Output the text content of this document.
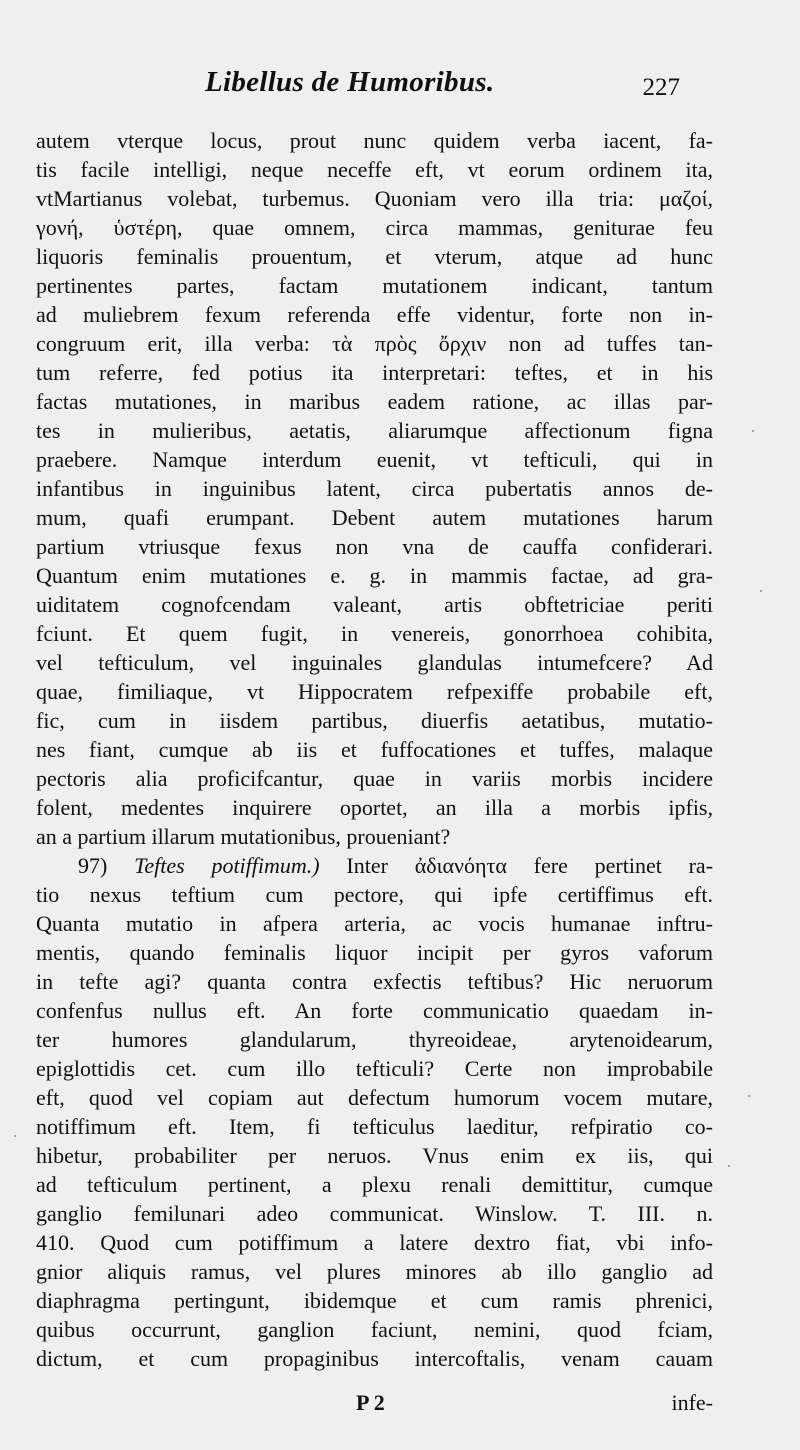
Libellus de Humoribus.	227
autem vterque locus, prout nunc quidem verba iacent, fa-
tis facile intelligi, neque neceffe eft, vt eorum ordinem ita,
vtMartianus volebat, turbemus. Quoniam vero illa tria: μαζοί,
γονή, ὑστέρη, quae omnem, circa mammas, geniturae feu
liquoris feminalis prouentum, et vterum, atque ad hunc
pertinentes partes, factam mutationem indicant, tantum
ad muliebrem fexum referenda effe videntur, forte non in-
congruum erit, illa verba: τὰ πρὸς ὄρχιν non ad tuffes tan-
tum referre, fed potius ita interpretari: teftes, et in his
factas mutationes, in maribus eadem ratione, ac illas par-
tes in mulieribus, aetatis, aliarumque affectionum figna
praebere. Namque interdum euenit, vt tefticuli, qui in
infantibus in inguinibus latent, circa pubertatis annos de-
mum, quafi erumpant. Debent autem mutationes harum
partium vtriusque fexus non vna de cauffa confiderari.
Quantum enim mutationes e. g. in mammis factae, ad gra-
uiditatem cognofcendam valeant, artis obftetriciae periti
fciunt. Et quem fugit, in venereis, gonorrhoea cohibita,
vel tefticulum, vel inguinales glandulas intumefcere? Ad
quae, fimiliaque, vt Hippocratem refpexiffe probabile eft,
fic, cum in iisdem partibus, diuerfis aetatibus, mutatio-
nes fiant, cumque ab iis et fuffocationes et tuffes, malaque
pectoris alia proficifcantur, quae in variis morbis incidere
folent, medentes inquirere oportet, an illa a morbis ipfis,
an a partium illarum mutationibus, proueniant?
97) Teftes potiffimum.) Inter ἀδιανόητα fere pertinet ra-
tio nexus teftium cum pectore, qui ipfe certiffimus eft.
Quanta mutatio in afpera arteria, ac vocis humanae inftru-
mentis, quando feminalis liquor incipit per gyros vaforum
in tefte agi? quanta contra exfectis teftibus? Hic neruorum
confenfus nullus eft. An forte communicatio quaedam in-
ter humores glandularum, thyreoideae, arytenoidearum,
epiglottidis cet. cum illo tefticuli? Certe non improbabile
eft, quod vel copiam aut defectum humorum vocem mutare,
notiffimum eft. Item, fi tefticulus laeditur, refpiratio co-
hibetur, probabiliter per neruos. Vnus enim ex iis, qui
ad tefticulum pertinent, a plexu renali demittitur, cumque
ganglio femilunari adeo communicat. Winslow. T. III. n.
410. Quod cum potiffimum a latere dextro fiat, vbi info-
gnior aliquis ramus, vel plures minores ab illo ganglio ad
diaphragma pertingunt, ibidemque et cum ramis phrenici,
quibus occurrunt, ganglion faciunt, nemini, quod fciam,
dictum, et cum propaginibus intercoftalis, venam cauam
P 2	infe-
